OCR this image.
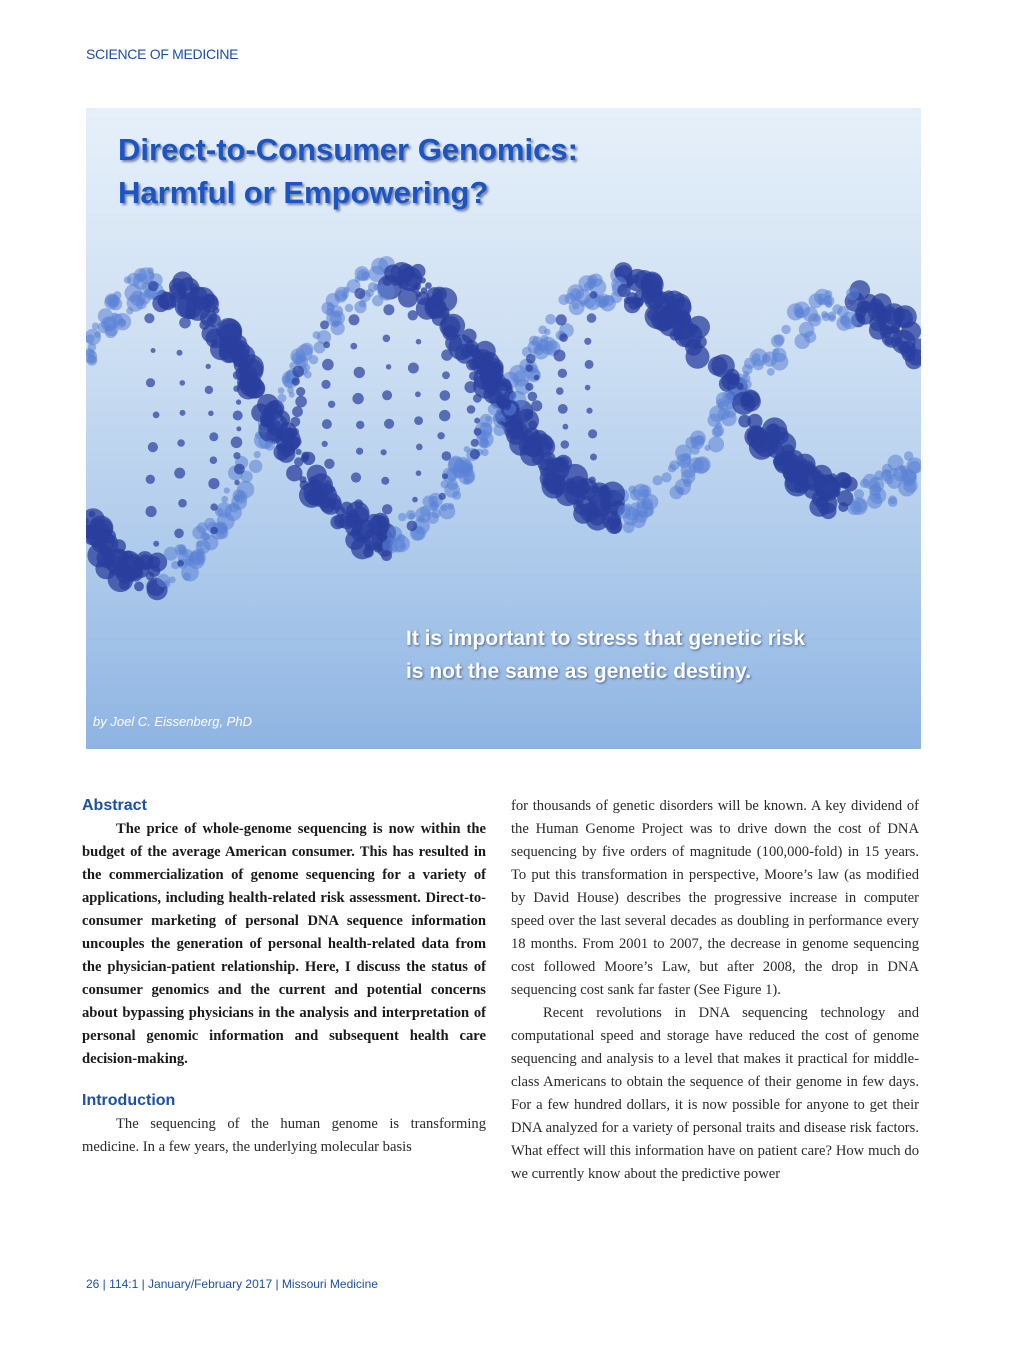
SCIENCE OF MEDICINE
Direct-to-Consumer Genomics:
Harmful or Empowering?

It is important to stress that genetic risk
is not the same as genetic destiny.

by Joel C. Eissenberg, PhD
Abstract

The price of whole-genome sequencing is now within the budget of the average American consumer. This has resulted in the commercialization of genome sequencing for a variety of applications, including health-related risk assessment. Direct-to-consumer marketing of personal DNA sequence information uncouples the generation of personal health-related data from the physician-patient relationship. Here, I discuss the status of consumer genomics and the current and potential concerns about bypassing physicians in the analysis and interpretation of personal genomic information and subsequent health care decision-making.

Introduction

The sequencing of the human genome is transforming medicine. In a few years, the underlying molecular basis

for thousands of genetic disorders will be known. A key dividend of the Human Genome Project was to drive down the cost of DNA sequencing by five orders of magnitude (100,000-fold) in 15 years. To put this transformation in perspective, Moore’s law (as modified by David House) describes the progressive increase in computer speed over the last several decades as doubling in performance every 18 months. From 2001 to 2007, the decrease in genome sequencing cost followed Moore’s Law, but after 2008, the drop in DNA sequencing cost sank far faster (See Figure 1).

Recent revolutions in DNA sequencing technology and computational speed and storage have reduced the cost of genome sequencing and analysis to a level that makes it practical for middle-class Americans to obtain the sequence of their genome in few days. For a few hundred dollars, it is now possible for anyone to get their DNA analyzed for a variety of personal traits and disease risk factors. What effect will this information have on patient care? How much do we currently know about the predictive power

26 | 114:1 | January/February 2017 | Missouri Medicine
